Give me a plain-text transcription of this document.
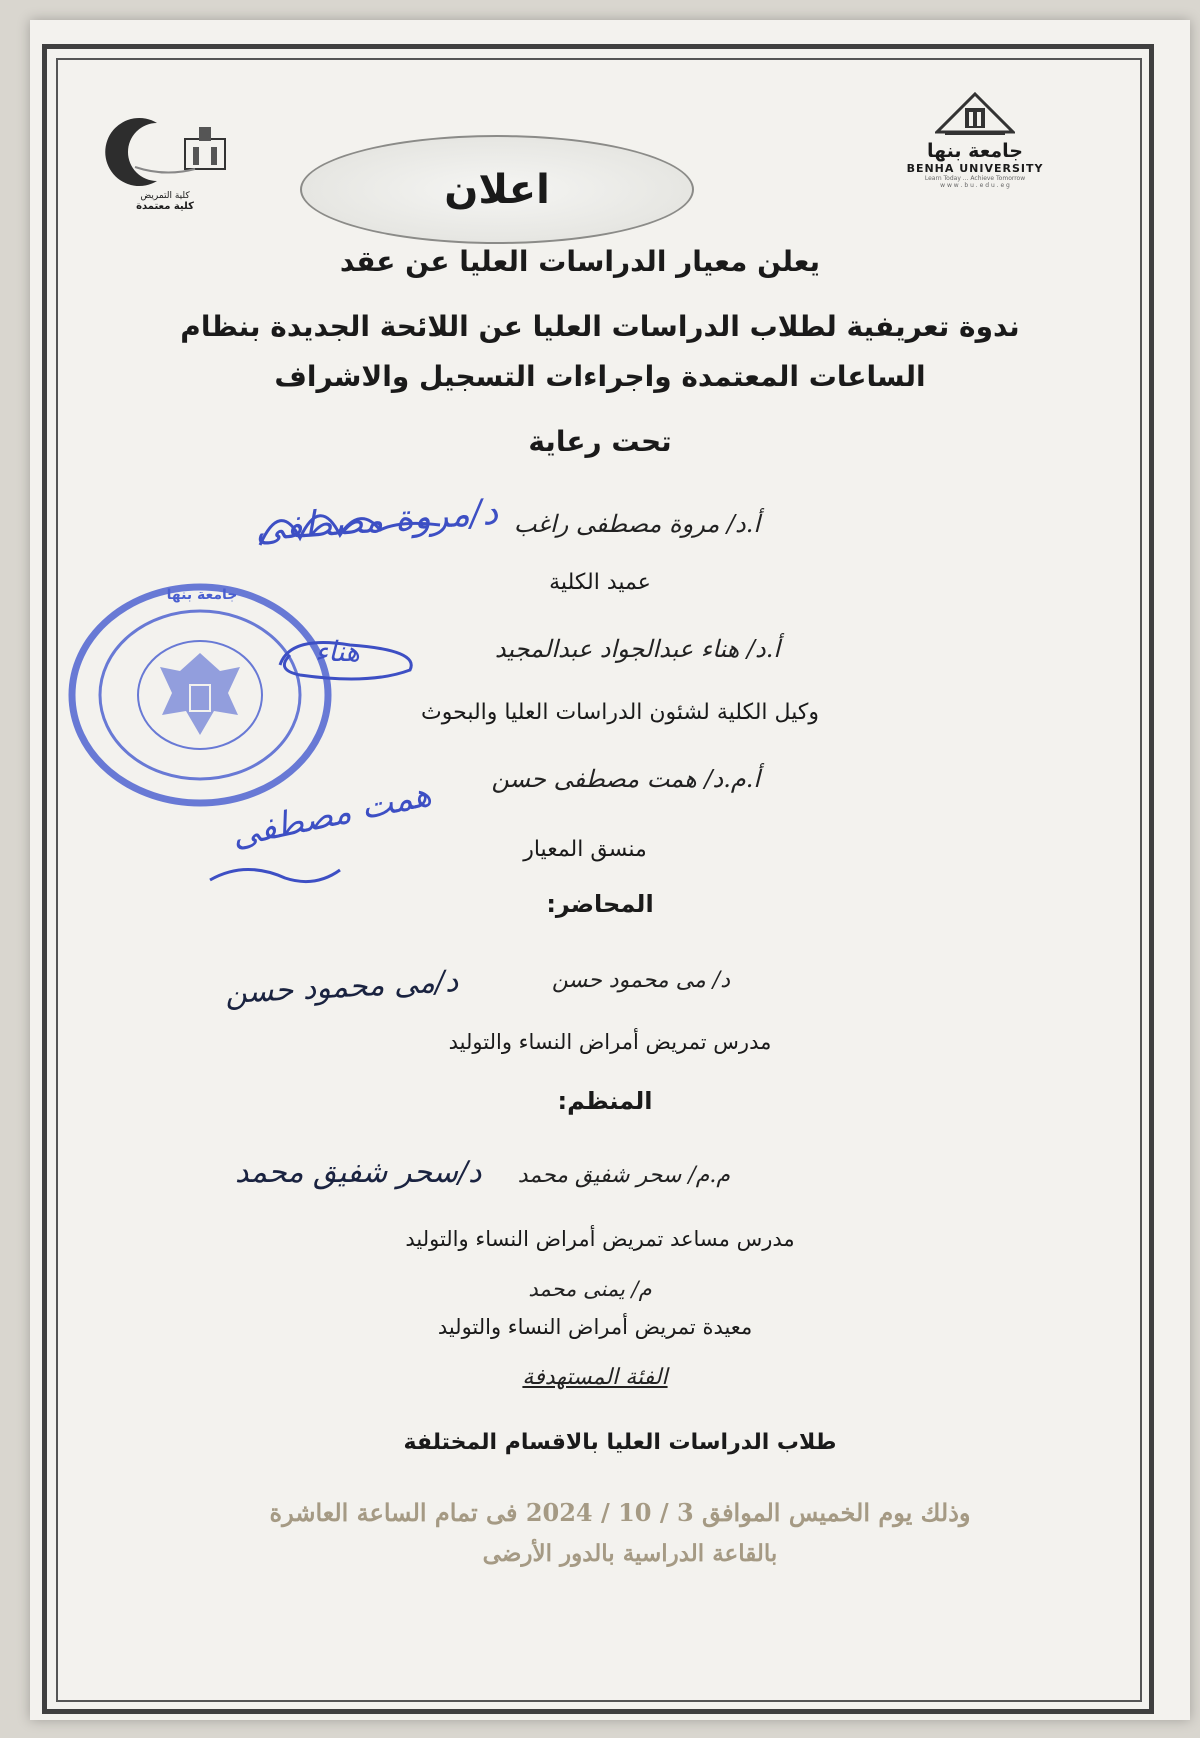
جامعة بنها
BENHA UNIVERSITY
Learn Today ... Achieve Tomorrow
w w w . b u . e d u . e g
كلية التمريض
كلية معتمدة	اعلان
يعلن معيار الدراسات العليا عن عقد
ندوة تعريفية لطلاب الدراسات العليا عن اللائحة الجديدة بنظام
الساعات المعتمدة واجراءات التسجيل والاشراف
تحت رعاية
أ.د/ مروة مصطفى راغب
عميد الكلية
أ.د/ هناء عبدالجواد عبدالمجيد
وكيل الكلية لشئون الدراسات العليا والبحوث
أ.م.د/ همت مصطفى حسن
منسق المعيار
المحاضر:
د/ مى محمود حسن
مدرس تمريض أمراض النساء والتوليد
المنظم:
م.م/ سحر شفيق محمد
مدرس مساعد تمريض أمراض النساء والتوليد
م/ يمنى محمد
معيدة تمريض أمراض النساء والتوليد
الفئة المستهدفة
طلاب الدراسات العليا بالاقسام المختلفة
وذلك يوم الخميس الموافق 3 / 10 / 2024 فى تمام الساعة العاشرة
بالقاعة الدراسية بالدور الأرضى
جامعة بنها
د/مروة مصطفى
هناء
همت مصطفى
د/مى محمود حسن
د/سحر شفيق محمد
